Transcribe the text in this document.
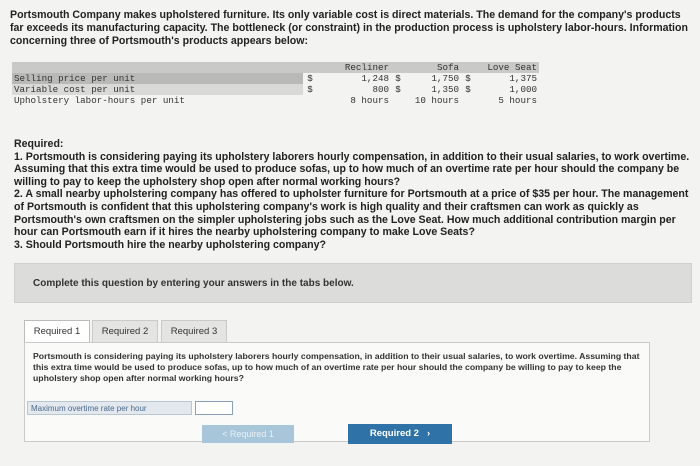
Portsmouth Company makes upholstered furniture. Its only variable cost is direct materials. The demand for the company's products far exceeds its manufacturing capacity. The bottleneck (or constraint) in the production process is upholstery labor-hours. Information concerning three of Portsmouth's products appears below:
		Recliner		Sofa		Love Seat
Selling price per unit	$	1,248	$	1,750	$	1,375
Variable cost per unit	$	800	$	1,350	$	1,000
Upholstery labor-hours per unit		8 hours		10 hours		5 hours
Required:
1. Portsmouth is considering paying its upholstery laborers hourly compensation, in addition to their usual salaries, to work overtime. Assuming that this extra time would be used to produce sofas, up to how much of an overtime rate per hour should the company be willing to pay to keep the upholstery shop open after normal working hours?
2. A small nearby upholstering company has offered to upholster furniture for Portsmouth at a price of $35 per hour. The management of Portsmouth is confident that this upholstering company's work is high quality and their craftsmen can work as quickly as Portsmouth's own craftsmen on the simpler upholstering jobs such as the Love Seat. How much additional contribution margin per hour can Portsmouth earn if it hires the nearby upholstering company to make Love Seats?
3. Should Portsmouth hire the nearby upholstering company?
Complete this question by entering your answers in the tabs below.
Required 1	Required 2	Required 3
Portsmouth is considering paying its upholstery laborers hourly compensation, in addition to their usual salaries, to work overtime. Assuming that this extra time would be used to produce sofas, up to how much of an overtime rate per hour should the company be willing to pay to keep the upholstery shop open after normal working hours?
Maximum overtime rate per hour
< Required 1	Required 2 ›
